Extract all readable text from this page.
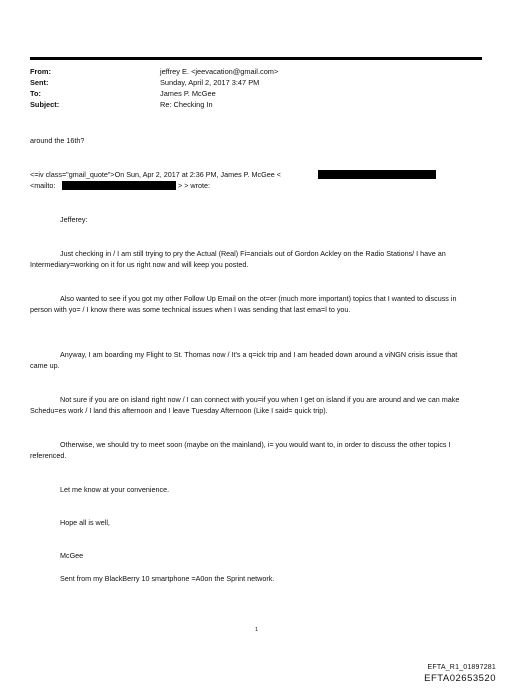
From:	jeffrey E. <jeevacation@gmail.com>
Sent:	Sunday, April 2, 2017 3:47 PM
To:	James P. McGee
Subject:	Re: Checking In
around the 16th?
<=iv class="gmail_quote">On Sun, Apr 2, 2017 at 2:36 PM, James P. McGee <
<mailto:	> > wrote:
Jefferey:
Just checking in / I am still trying to pry the Actual (Real) Fi=ancials out of Gordon Ackley on the Radio Stations/ I have an Intermediary=working on it for us right now and will keep you posted.
Also wanted to see if you got my other Follow Up Email on the ot=er (much more important) topics that I wanted to discuss in person with yo= / I know there was some technical issues when I was sending that last ema=l to you.
Anyway, I am boarding my Flight to St. Thomas now / It's a q=ick trip and I am headed down around a viNGN crisis issue that came up.
Not sure if you are on island right now / I can connect with you=if you when I get on island if you are around and we can make Schedu=es work / I land this afternoon and I leave Tuesday Afternoon (Like I said= quick trip).
Otherwise, we should try to meet soon (maybe on the mainland), i= you would want to, in order to discuss the other topics I referenced.
Let me know at your convenience.
Hope all is well,
McGee
Sent from my BlackBerry 10 smartphone =A0on the Sprint network.
1
EFTA_R1_01897281
EFTA02653520
